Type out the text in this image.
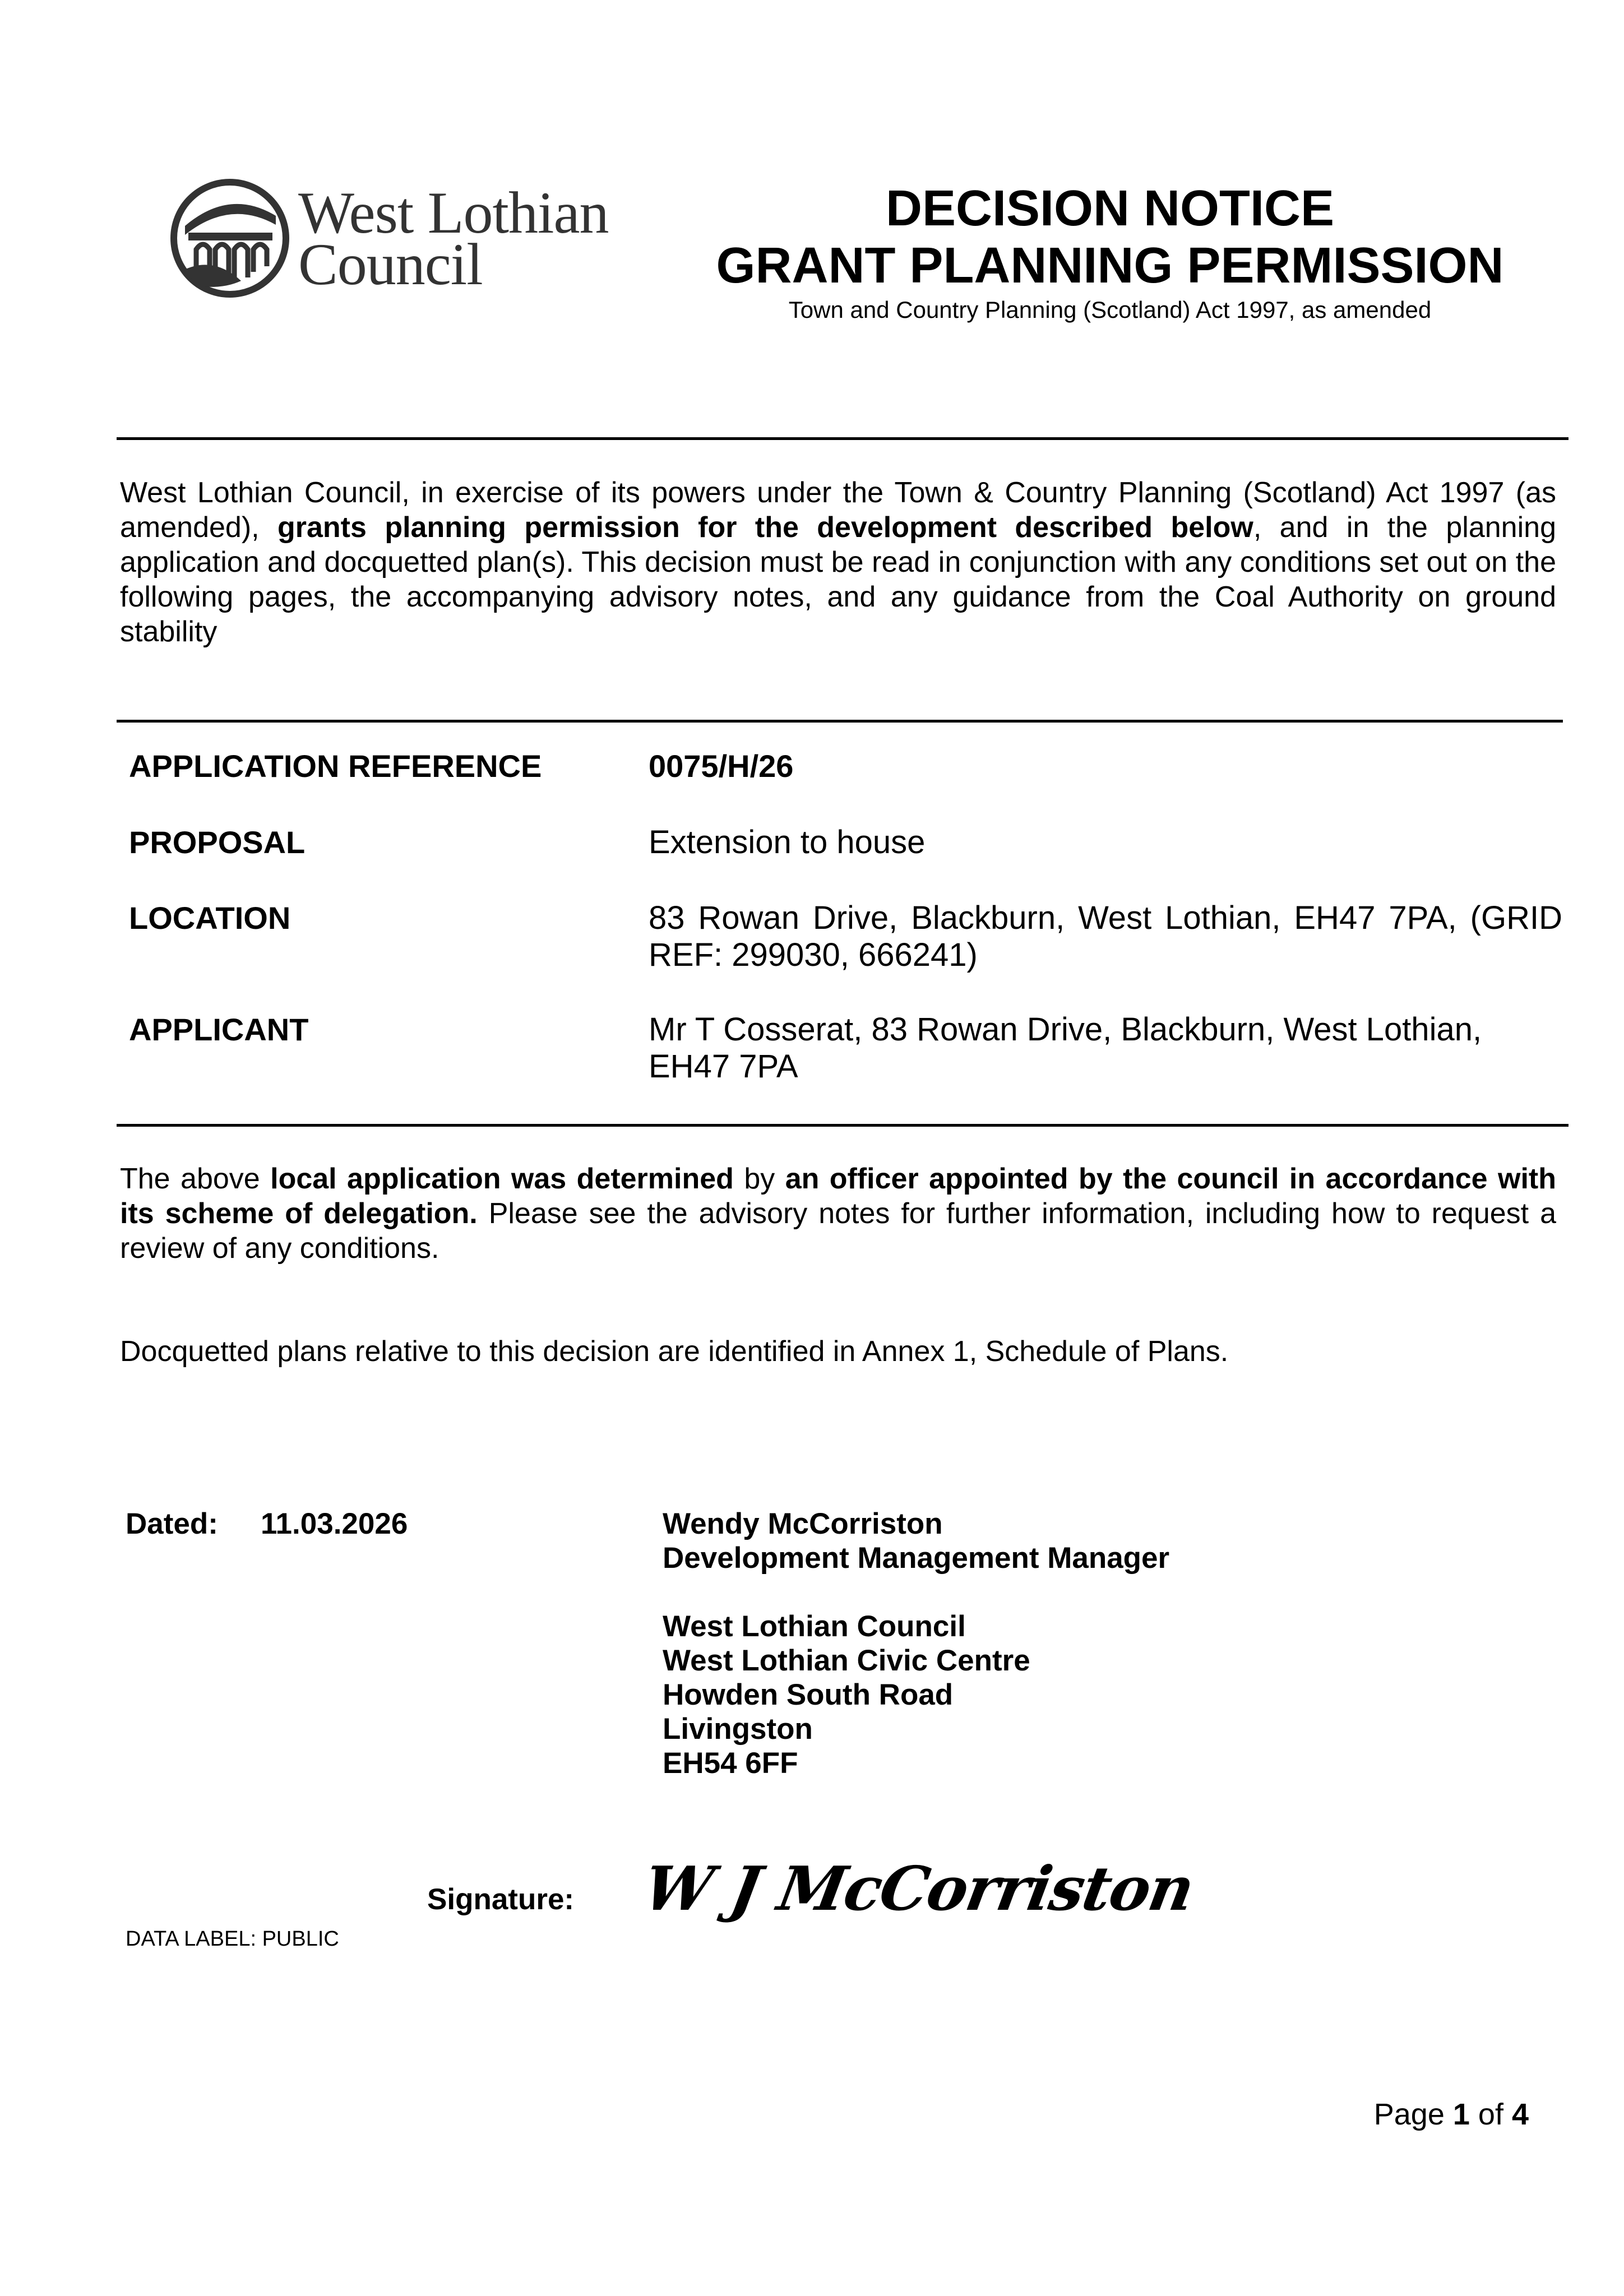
West Lothian
Council
DECISION NOTICE
GRANT PLANNING PERMISSION
Town and Country Planning (Scotland) Act 1997, as amended
West Lothian Council, in exercise of its powers under the Town & Country Planning (Scotland) Act 1997 (as amended), grants planning permission for the development described below, and in the planning application and docquetted plan(s). This decision must be read in conjunction with any conditions set out on the following pages, the accompanying advisory notes, and any guidance from the Coal Authority on ground stability
APPLICATION REFERENCE	0075/H/26
PROPOSAL	Extension to house
LOCATION	83 Rowan Drive, Blackburn, West Lothian, EH47 7PA, (GRID REF: 299030, 666241)
APPLICANT	Mr T Cosserat, 83 Rowan Drive, Blackburn, West Lothian, EH47 7PA
The above local application was determined by an officer appointed by the council in accordance with its scheme of delegation. Please see the advisory notes for further information, including how to request a review of any conditions.
Docquetted plans relative to this decision are identified in Annex 1, Schedule of Plans.
Dated: 11.03.2026	Wendy McCorriston
Development Management Manager
West Lothian Council
West Lothian Civic Centre
Howden South Road
Livingston
EH54 6FF
Signature: W J McCorriston
DATA LABEL: PUBLIC
Page 1 of 4
